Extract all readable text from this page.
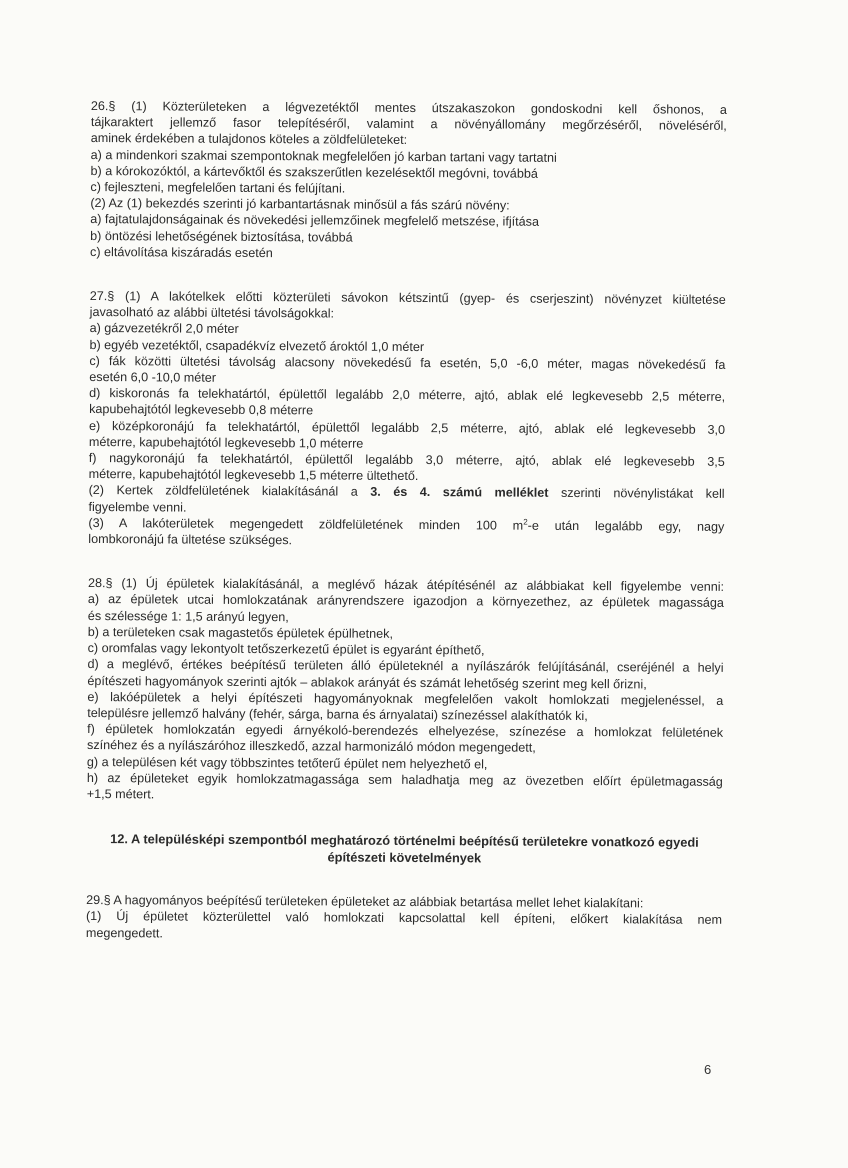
26.§ (1) Közterületeken a légvezetéktől mentes útszakaszokon gondoskodni kell őshonos, a
tájkaraktert jellemző fasor telepítéséről, valamint a növényállomány megőrzéséről, növeléséről,
aminek érdekében a tulajdonos köteles a zöldfelületeket:
a) a mindenkori szakmai szempontoknak megfelelően jó karban tartani vagy tartatni
b) a kórokozóktól, a kártevőktől és szakszerűtlen kezelésektől megóvni, továbbá
c) fejleszteni, megfelelően tartani és felújítani.
(2) Az (1) bekezdés szerinti jó karbantartásnak minősül a fás szárú növény:
a) fajtatulajdonságainak és növekedési jellemzőinek megfelelő metszése, ifjítása
b) öntözési lehetőségének biztosítása, továbbá
c) eltávolítása kiszáradás esetén
27.§ (1) A lakótelkek előtti közterületi sávokon kétszintű (gyep- és cserjeszint) növényzet kiültetése
javasolható az alábbi ültetési távolságokkal:
a) gázvezetékről 2,0 méter
b) egyéb vezetéktől, csapadékvíz elvezető ároktól 1,0 méter
c) fák közötti ültetési távolság alacsony növekedésű fa esetén, 5,0 -6,0 méter, magas növekedésű fa
esetén 6,0 -10,0 méter
d) kiskoronás fa telekhatártól, épülettől legalább 2,0 méterre, ajtó, ablak elé legkevesebb 2,5 méterre,
kapubehajtótól legkevesebb 0,8 méterre
e) középkoronájú fa telekhatártól, épülettől legalább 2,5 méterre, ajtó, ablak elé legkevesebb 3,0
méterre, kapubehajtótól legkevesebb 1,0 méterre
f) nagykoronájú fa telekhatártól, épülettől legalább 3,0 méterre, ajtó, ablak elé legkevesebb 3,5
méterre, kapubehajtótól legkevesebb 1,5 méterre ültethető.
(2) Kertek zöldfelületének kialakításánál a 3. és 4. számú melléklet szerinti növénylistákat kell
figyelembe venni.
(3) A lakóterületek megengedett zöldfelületének minden 100 $m^2-e$ után legalább egy, nagy
lombkoronájú fa ültetése szükséges.
28.§ (1) Új épületek kialakításánál, a meglévő házak átépítésénél az alábbiakat kell figyelembe venni:
a) az épületek utcai homlokzatának arányrendszere igazodjon a környezethez, az épületek magassága
és szélessége 1: 1,5 arányú legyen,
b) a területeken csak magastetős épületek épülhetnek,
c) oromfalas vagy lekontyolt tetőszerkezetű épület is egyaránt építhető,
d) a meglévő, értékes beépítésű területen álló épületeknél a nyílászárók felújításánál, cseréjénél a helyi
építészeti hagyományok szerinti ajtók – ablakok arányát és számát lehetőség szerint meg kell őrizni,
e) lakóépületek a helyi építészeti hagyományoknak megfelelően vakolt homlokzati megjelenéssel, a
településre jellemző halvány (fehér, sárga, barna és árnyalatai) színezéssel alakíthatók ki,
f) épületek homlokzatán egyedi árnyékoló-berendezés elhelyezése, színezése a homlokzat felületének
színéhez és a nyílászáróhoz illeszkedő, azzal harmonizáló módon megengedett,
g) a településen két vagy többszintes tetőterű épület nem helyezhető el,
h) az épületeket egyik homlokzatmagassága sem haladhatja meg az övezetben előírt épületmagasság
+1,5 métert.
12. A településképi szempontból meghatározó történelmi beépítésű területekre vonatkozó egyedi
építészeti követelmények
29.§ A hagyományos beépítésű területeken épületeket az alábbiak betartása mellet lehet kialakítani:
(1) Új épületet közterülettel való homlokzati kapcsolattal kell építeni, előkert kialakítása nem
megengedett.
6
